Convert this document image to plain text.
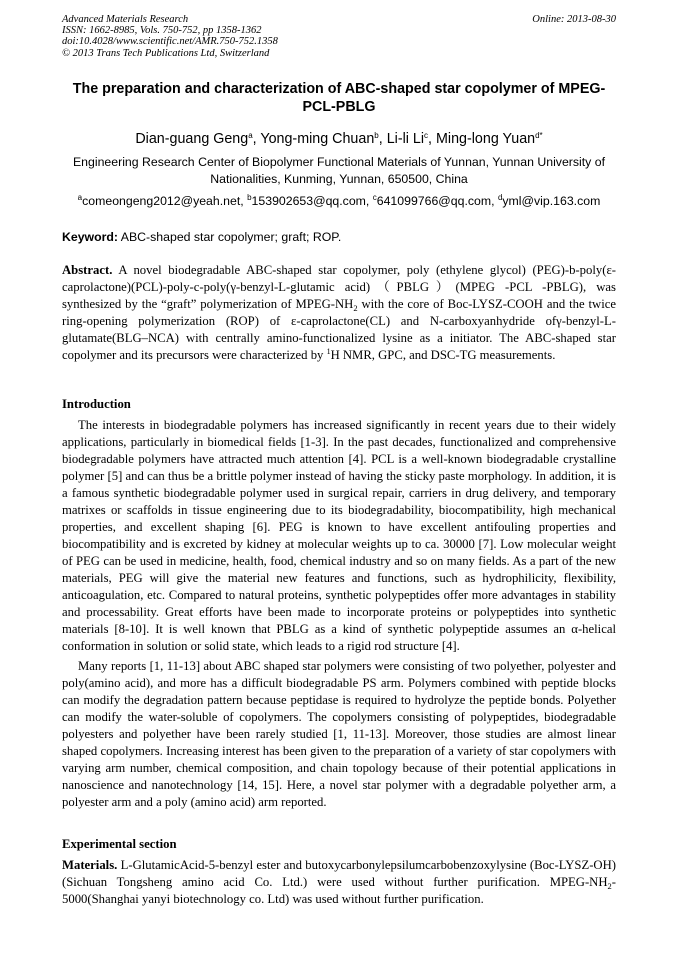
Advanced Materials Research
ISSN: 1662-8985, Vols. 750-752, pp 1358-1362
doi:10.4028/www.scientific.net/AMR.750-752.1358
© 2013 Trans Tech Publications Ltd, Switzerland
Online: 2013-08-30
The preparation and characterization of ABC-shaped star copolymer of MPEG-PCL-PBLG
Dian-guang Geng$^a$, Yong-ming Chuan$^b$, Li-li Li$^c$, Ming-long Yuan$^{d*}$
Engineering Research Center of Biopolymer Functional Materials of Yunnan, Yunnan University of Nationalities, Kunming, Yunnan, 650500, China
$^a$comeongeng2012@yeah.net, $^b$153902653@qq.com, $^c$641099766@qq.com, $^d$yml@vip.163.com
Keyword: ABC-shaped star copolymer; graft; ROP.
Abstract. A novel biodegradable ABC-shaped star copolymer, poly (ethylene glycol) (PEG)-b-poly(ε-caprolactone)(PCL)-poly-c-poly(γ-benzyl-L-glutamic acid)（PBLG）(MPEG -PCL -PBLG), was synthesized by the “graft” polymerization of MPEG-$NH_2$ with the core of Boc-LYSZ-COOH and the twice ring-opening polymerization (ROP) of ε-caprolactone(CL) and N-carboxyanhydride ofγ-benzyl-L-glutamate(BLG–NCA) with centrally amino-functionalized lysine as a initiator. The ABC-shaped star copolymer and its precursors were characterized by $^1$H NMR, GPC, and DSC-TG measurements.
Introduction
The interests in biodegradable polymers has increased significantly in recent years due to their widely applications, particularly in biomedical fields [1-3]. In the past decades, functionalized and comprehensive biodegradable polymers have attracted much attention [4]. PCL is a well-known biodegradable crystalline polymer [5] and can thus be a brittle polymer instead of having the sticky paste morphology. In addition, it is a famous synthetic biodegradable polymer used in surgical repair, carriers in drug delivery, and temporary matrixes or scaffolds in tissue engineering due to its biodegradability, biocompatibility, high mechanical properties, and excellent shaping [6]. PEG is known to have excellent antifouling properties and biocompatibility and is excreted by kidney at molecular weights up to ca. 30000 [7]. Low molecular weight of PEG can be used in medicine, health, food, chemical industry and so on many fields. As a part of the new materials, PEG will give the material new features and functions, such as hydrophilicity, flexibility, anticoagulation, etc. Compared to natural proteins, synthetic polypeptides offer more advantages in stability and processability. Great efforts have been made to incorporate proteins or polypeptides into synthetic materials [8-10]. It is well known that PBLG as a kind of synthetic polypeptide assumes an α-helical conformation in solution or solid state, which leads to a rigid rod structure [4].
Many reports [1, 11-13] about ABC shaped star polymers were consisting of two polyether, polyester and poly(amino acid), and more has a difficult biodegradable PS arm. Polymers combined with peptide blocks can modify the degradation pattern because peptidase is required to hydrolyze the peptide bonds. Polyether can modify the water-soluble of copolymers. The copolymers consisting of polypeptides, biodegradable polyesters and polyether have been rarely studied [1, 11-13]. Moreover, those studies are almost linear shaped copolymers. Increasing interest has been given to the preparation of a variety of star copolymers with varying arm number, chemical composition, and chain topology because of their potential applications in nanoscience and nanotechnology [14, 15]. Here, a novel star polymer with a degradable polyether arm, a polyester arm and a poly (amino acid) arm reported.
Experimental section
Materials. L-GlutamicAcid-5-benzyl ester and butoxycarbonylepsilumcarbobenzoxylysine (Boc-LYSZ-OH) (Sichuan Tongsheng amino acid Co. Ltd.) were used without further purification. MPEG-$NH_2-5000(Shanghai$ yanyi biotechnology co. Ltd) was used without further purification.
